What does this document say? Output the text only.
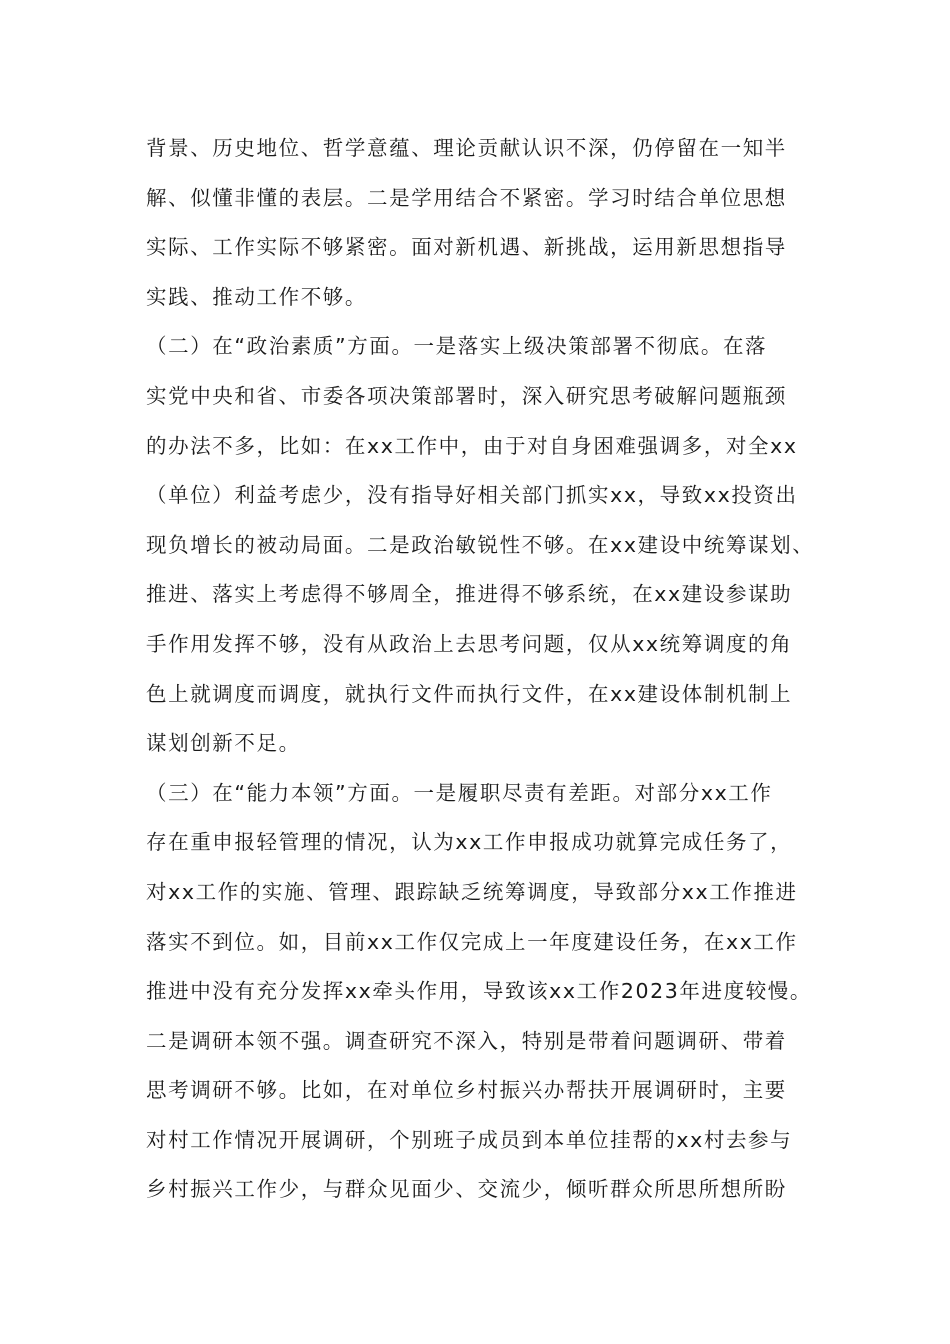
背景、历史地位、哲学意蕴、理论贡献认识不深，仍停留在一知半
解、似懂非懂的表层。二是学用结合不紧密。学习时结合单位思想
实际、工作实际不够紧密。面对新机遇、新挑战，运用新思想指导
实践、推动工作不够。
（二）在“政治素质”方面。一是落实上级决策部署不彻底。在落
实党中央和省、市委各项决策部署时，深入研究思考破解问题瓶颈
的办法不多，比如：在xx工作中，由于对自身困难强调多，对全xx
（单位）利益考虑少，没有指导好相关部门抓实xx，导致xx投资出
现负增长的被动局面。二是政治敏锐性不够。在xx建设中统筹谋划、
推进、落实上考虑得不够周全，推进得不够系统，在xx建设参谋助
手作用发挥不够，没有从政治上去思考问题，仅从xx统筹调度的角
色上就调度而调度，就执行文件而执行文件，在xx建设体制机制上
谋划创新不足。
（三）在“能力本领”方面。一是履职尽责有差距。对部分xx工作
存在重申报轻管理的情况，认为xx工作申报成功就算完成任务了，
对xx工作的实施、管理、跟踪缺乏统筹调度，导致部分xx工作推进
落实不到位。如，目前xx工作仅完成上一年度建设任务，在xx工作
推进中没有充分发挥xx牵头作用，导致该xx工作2023年进度较慢。
二是调研本领不强。调查研究不深入，特别是带着问题调研、带着
思考调研不够。比如，在对单位乡村振兴办帮扶开展调研时，主要
对村工作情况开展调研，个别班子成员到本单位挂帮的xx村去参与
乡村振兴工作少，与群众见面少、交流少，倾听群众所思所想所盼
